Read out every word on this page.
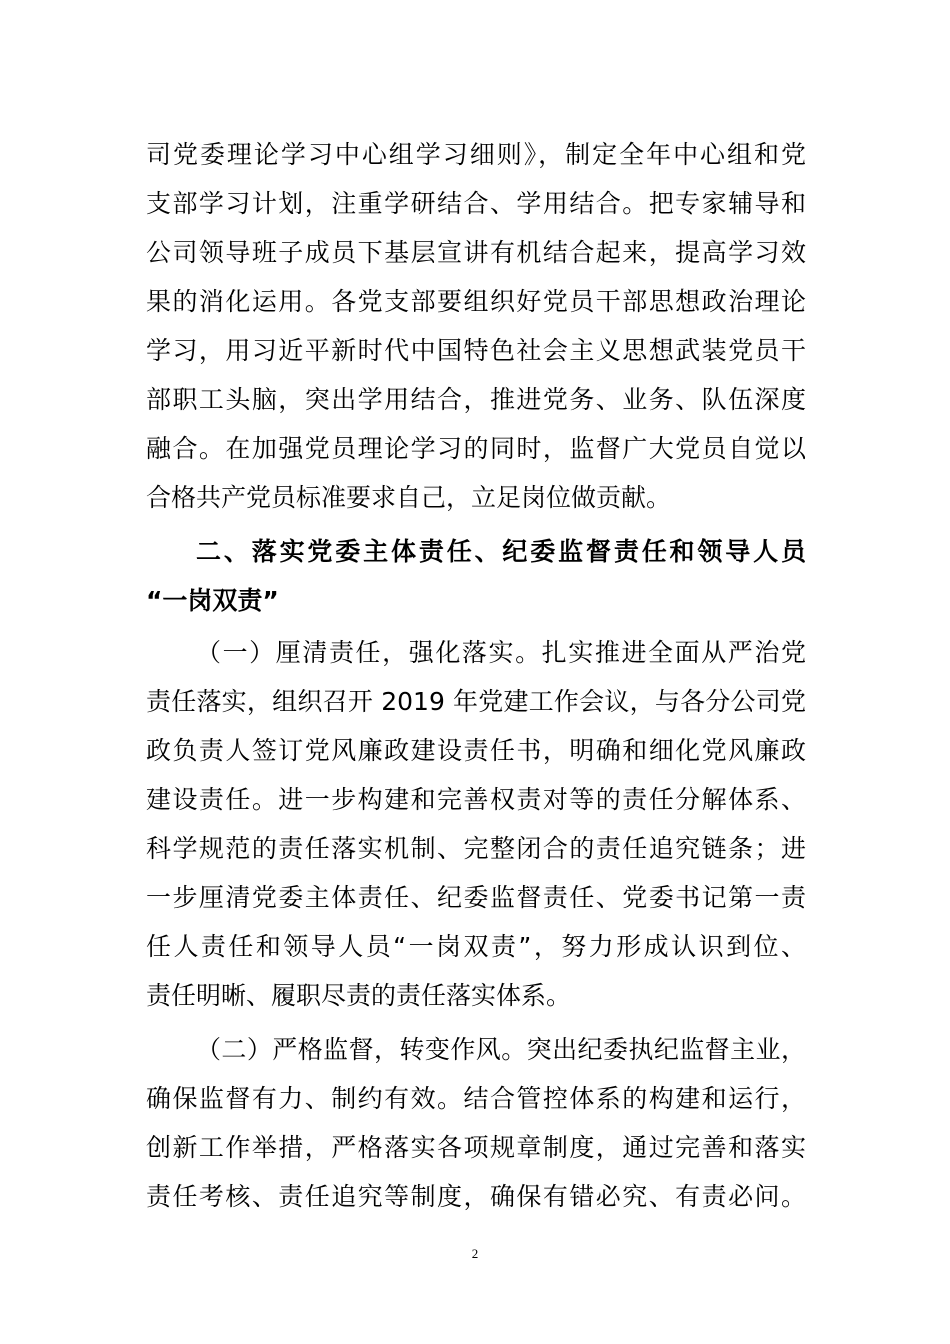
司党委理论学习中心组学习细则》，制定全年中心组和党
支部学习计划，注重学研结合、学用结合。把专家辅导和
公司领导班子成员下基层宣讲有机结合起来，提高学习效
果的消化运用。各党支部要组织好党员干部思想政治理论
学习，用习近平新时代中国特色社会主义思想武装党员干
部职工头脑，突出学用结合，推进党务、业务、队伍深度
融合。在加强党员理论学习的同时，监督广大党员自觉以
合格共产党员标准要求自己，立足岗位做贡献。
二、落实党委主体责任、纪委监督责任和领导人员
“一岗双责”
（一）厘清责任，强化落实。扎实推进全面从严治党
责任落实，组织召开 2019 年党建工作会议，与各分公司党
政负责人签订党风廉政建设责任书，明确和细化党风廉政
建设责任。进一步构建和完善权责对等的责任分解体系、
科学规范的责任落实机制、完整闭合的责任追究链条；进
一步厘清党委主体责任、纪委监督责任、党委书记第一责
任人责任和领导人员“一岗双责”，努力形成认识到位、
责任明晰、履职尽责的责任落实体系。
（二）严格监督，转变作风。突出纪委执纪监督主业，
确保监督有力、制约有效。结合管控体系的构建和运行，
创新工作举措，严格落实各项规章制度，通过完善和落实
责任考核、责任追究等制度，确保有错必究、有责必问。
2
